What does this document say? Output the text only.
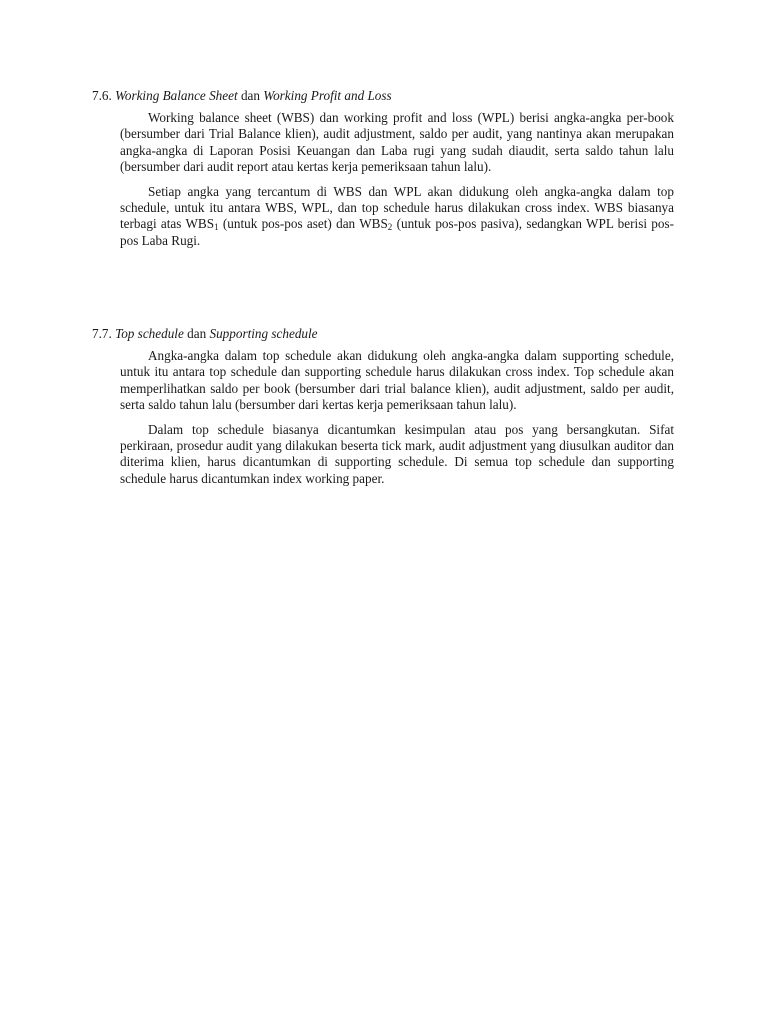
7.6. Working Balance Sheet dan Working Profit and Loss

Working balance sheet (WBS) dan working profit and loss (WPL) berisi angka-angka per-book (bersumber dari Trial Balance klien), audit adjustment, saldo per audit, yang nantinya akan merupakan angka-angka di Laporan Posisi Keuangan dan Laba rugi yang sudah diaudit, serta saldo tahun lalu (bersumber dari audit report atau kertas kerja pemeriksaan tahun lalu).

Setiap angka yang tercantum di WBS dan WPL akan didukung oleh angka-angka dalam top schedule, untuk itu antara WBS, WPL, dan top schedule harus dilakukan cross index. WBS biasanya terbagi atas $WBS_1$ (untuk pos-pos aset) dan $WBS_2$ (untuk pos-pos pasiva), sedangkan WPL berisi pos-pos Laba Rugi.

7.7. Top schedule dan Supporting schedule

Angka-angka dalam top schedule akan didukung oleh angka-angka dalam supporting schedule, untuk itu antara top schedule dan supporting schedule harus dilakukan cross index. Top schedule akan memperlihatkan saldo per book (bersumber dari trial balance klien), audit adjustment, saldo per audit, serta saldo tahun lalu (bersumber dari kertas kerja pemeriksaan tahun lalu).

Dalam top schedule biasanya dicantumkan kesimpulan atau pos yang bersangkutan. Sifat perkiraan, prosedur audit yang dilakukan beserta tick mark, audit adjustment yang diusulkan auditor dan diterima klien, harus dicantumkan di supporting schedule. Di semua top schedule dan supporting schedule harus dicantumkan index working paper.
